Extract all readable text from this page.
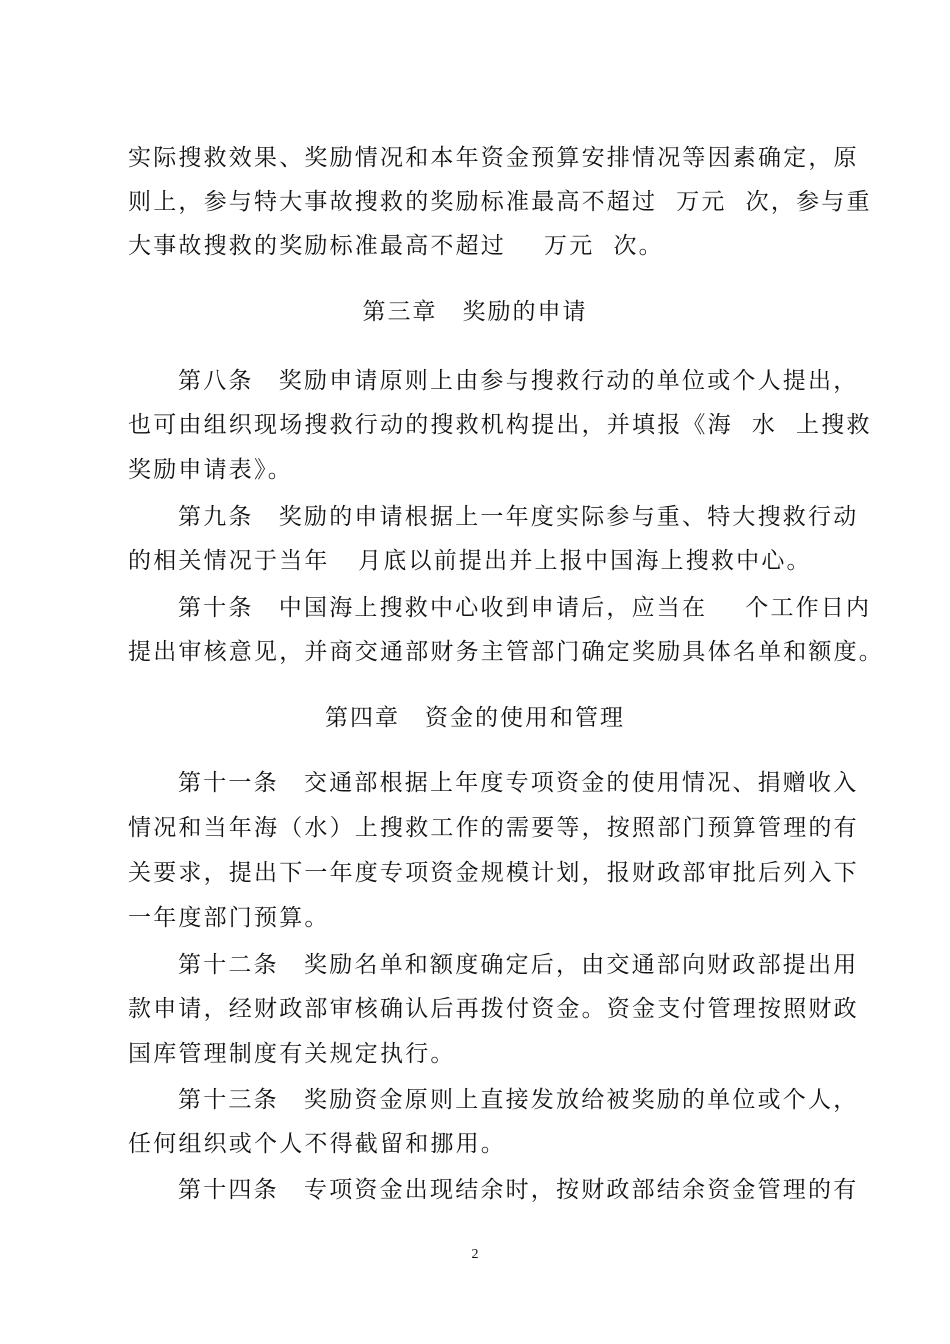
实际搜救效果、奖励情况和本年资金预算安排情况等因素确定，原
则上，参与特大事故搜救的奖励标准最高不超过  万元  次，参与重
大事故搜救的奖励标准最高不超过    万元  次。
第三章　奖励的申请
第八条　奖励申请原则上由参与搜救行动的单位或个人提出，
也可由组织现场搜救行动的搜救机构提出，并填报《海  水  上搜救
奖励申请表》。
第九条　奖励的申请根据上一年度实际参与重、特大搜救行动
的相关情况于当年   月底以前提出并上报中国海上搜救中心。
第十条　中国海上搜救中心收到申请后，应当在    个工作日内
提出审核意见，并商交通部财务主管部门确定奖励具体名单和额度。
第四章　资金的使用和管理
第十一条　交通部根据上年度专项资金的使用情况、捐赠收入
情况和当年海（水）上搜救工作的需要等，按照部门预算管理的有
关要求，提出下一年度专项资金规模计划，报财政部审批后列入下
一年度部门预算。
第十二条　奖励名单和额度确定后，由交通部向财政部提出用
款申请，经财政部审核确认后再拨付资金。资金支付管理按照财政
国库管理制度有关规定执行。
第十三条　奖励资金原则上直接发放给被奖励的单位或个人，
任何组织或个人不得截留和挪用。
第十四条　专项资金出现结余时，按财政部结余资金管理的有
2
